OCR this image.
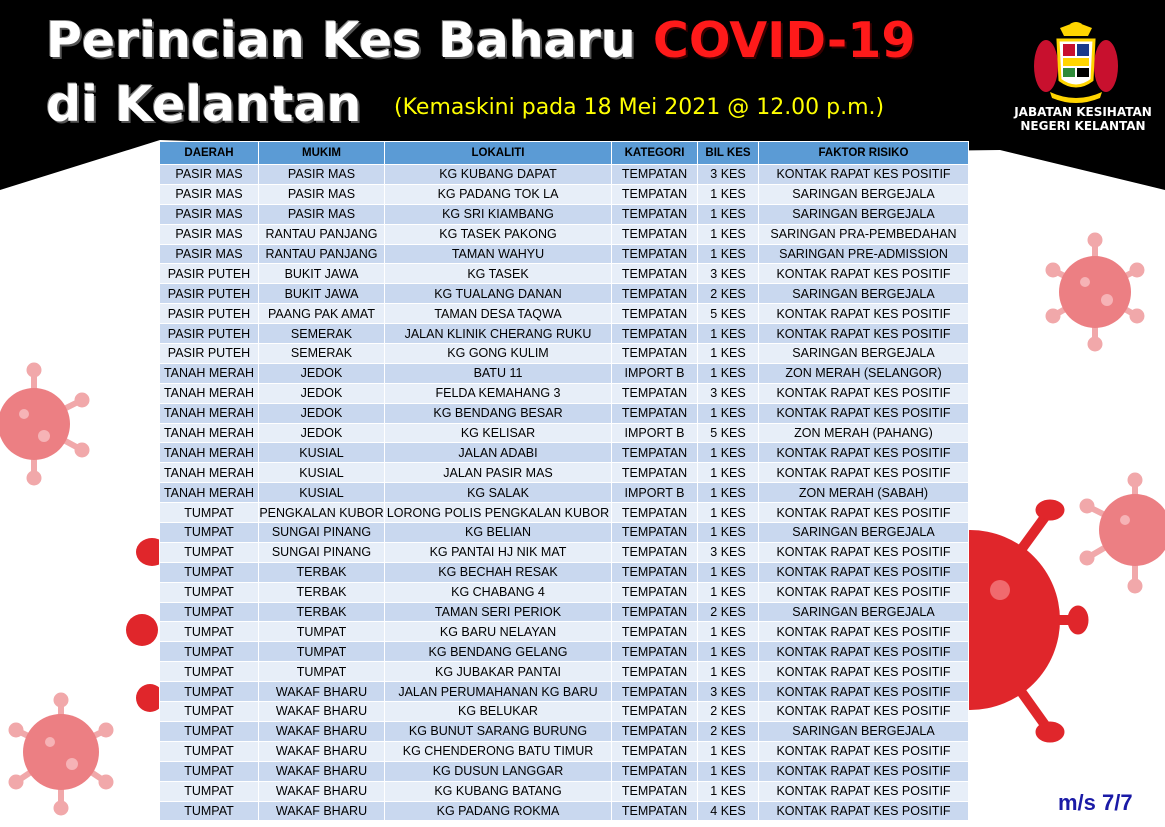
Perincian Kes Baharu COVID-19
di Kelantan (Kemaskini pada 18 Mei 2021 @ 12.00 p.m.)	JABATAN KESIHATAN
NEGERI KELANTAN
DAERAH	MUKIM	LOKALITI	KATEGORI	BIL KES	FAKTOR RISIKO
PASIR MAS	PASIR MAS	KG KUBANG DAPAT	TEMPATAN	3 KES	KONTAK RAPAT KES POSITIF
PASIR MAS	PASIR MAS	KG PADANG TOK LA	TEMPATAN	1 KES	SARINGAN BERGEJALA
PASIR MAS	PASIR MAS	KG SRI KIAMBANG	TEMPATAN	1 KES	SARINGAN BERGEJALA
PASIR MAS	RANTAU PANJANG	KG TASEK PAKONG	TEMPATAN	1 KES	SARINGAN PRA-PEMBEDAHAN
PASIR MAS	RANTAU PANJANG	TAMAN WAHYU	TEMPATAN	1 KES	SARINGAN PRE-ADMISSION
PASIR PUTEH	BUKIT JAWA	KG TASEK	TEMPATAN	3 KES	KONTAK RAPAT KES POSITIF
PASIR PUTEH	BUKIT JAWA	KG TUALANG DANAN	TEMPATAN	2 KES	SARINGAN BERGEJALA
PASIR PUTEH	PAANG PAK AMAT	TAMAN DESA TAQWA	TEMPATAN	5 KES	KONTAK RAPAT KES POSITIF
PASIR PUTEH	SEMERAK	JALAN KLINIK CHERANG RUKU	TEMPATAN	1 KES	KONTAK RAPAT KES POSITIF
PASIR PUTEH	SEMERAK	KG GONG KULIM	TEMPATAN	1 KES	SARINGAN BERGEJALA
TANAH MERAH	JEDOK	BATU 11	IMPORT B	1 KES	ZON MERAH (SELANGOR)
TANAH MERAH	JEDOK	FELDA KEMAHANG 3	TEMPATAN	3 KES	KONTAK RAPAT KES POSITIF
TANAH MERAH	JEDOK	KG BENDANG BESAR	TEMPATAN	1 KES	KONTAK RAPAT KES POSITIF
TANAH MERAH	JEDOK	KG KELISAR	IMPORT B	5 KES	ZON MERAH (PAHANG)
TANAH MERAH	KUSIAL	JALAN ADABI	TEMPATAN	1 KES	KONTAK RAPAT KES POSITIF
TANAH MERAH	KUSIAL	JALAN PASIR MAS	TEMPATAN	1 KES	KONTAK RAPAT KES POSITIF
TANAH MERAH	KUSIAL	KG SALAK	IMPORT B	1 KES	ZON MERAH (SABAH)
TUMPAT	PENGKALAN KUBOR	LORONG POLIS PENGKALAN KUBOR	TEMPATAN	1 KES	KONTAK RAPAT KES POSITIF
TUMPAT	SUNGAI PINANG	KG BELIAN	TEMPATAN	1 KES	SARINGAN BERGEJALA
TUMPAT	SUNGAI PINANG	KG PANTAI HJ NIK MAT	TEMPATAN	3 KES	KONTAK RAPAT KES POSITIF
TUMPAT	TERBAK	KG BECHAH RESAK	TEMPATAN	1 KES	KONTAK RAPAT KES POSITIF
TUMPAT	TERBAK	KG CHABANG 4	TEMPATAN	1 KES	KONTAK RAPAT KES POSITIF
TUMPAT	TERBAK	TAMAN SERI PERIOK	TEMPATAN	2 KES	SARINGAN BERGEJALA
TUMPAT	TUMPAT	KG BARU NELAYAN	TEMPATAN	1 KES	KONTAK RAPAT KES POSITIF
TUMPAT	TUMPAT	KG BENDANG GELANG	TEMPATAN	1 KES	KONTAK RAPAT KES POSITIF
TUMPAT	TUMPAT	KG JUBAKAR PANTAI	TEMPATAN	1 KES	KONTAK RAPAT KES POSITIF
TUMPAT	WAKAF BHARU	JALAN PERUMAHANAN KG BARU	TEMPATAN	3 KES	KONTAK RAPAT KES POSITIF
TUMPAT	WAKAF BHARU	KG BELUKAR	TEMPATAN	2 KES	KONTAK RAPAT KES POSITIF
TUMPAT	WAKAF BHARU	KG BUNUT SARANG BURUNG	TEMPATAN	2 KES	SARINGAN BERGEJALA
TUMPAT	WAKAF BHARU	KG CHENDERONG BATU TIMUR	TEMPATAN	1 KES	KONTAK RAPAT KES POSITIF
TUMPAT	WAKAF BHARU	KG DUSUN LANGGAR	TEMPATAN	1 KES	KONTAK RAPAT KES POSITIF
TUMPAT	WAKAF BHARU	KG KUBANG BATANG	TEMPATAN	1 KES	KONTAK RAPAT KES POSITIF
TUMPAT	WAKAF BHARU	KG PADANG ROKMA	TEMPATAN	4 KES	KONTAK RAPAT KES POSITIF	m/s 7/7
